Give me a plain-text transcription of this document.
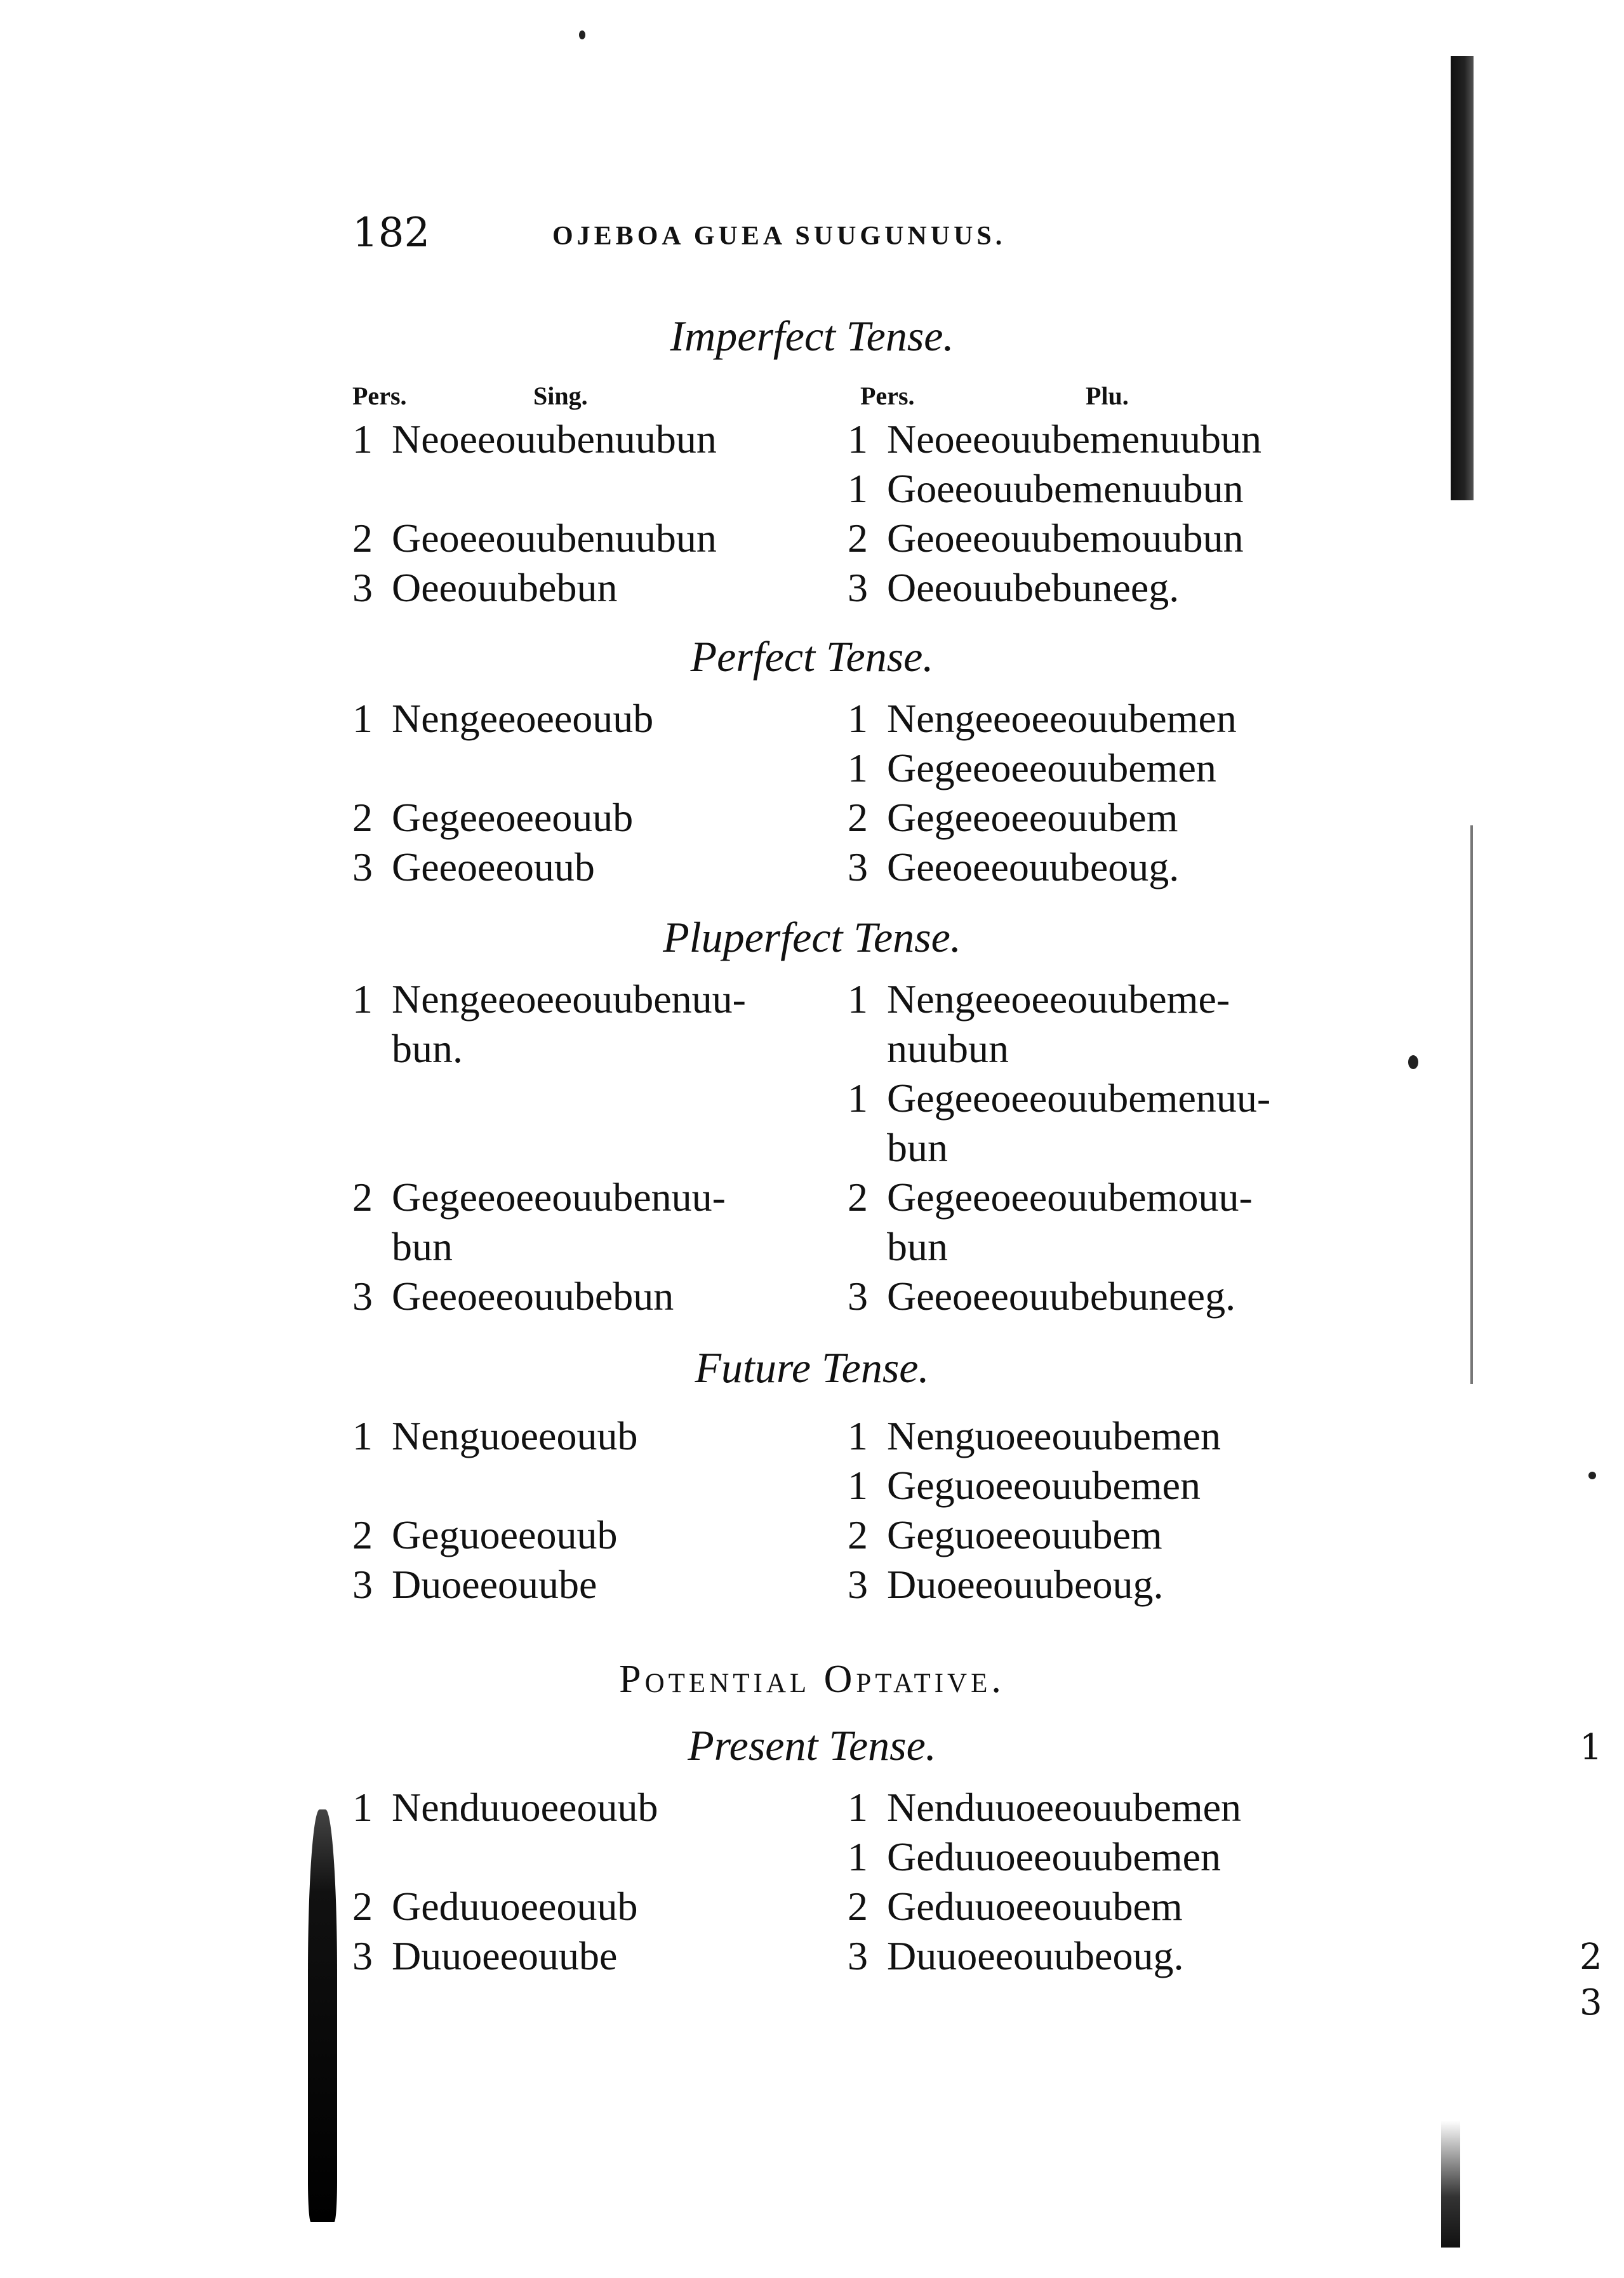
1
2
3
182	OJEBOA GUEA SUUGUNUUS.
Imperfect Tense.
Pers.	Sing.	Pers.	Plu.
1 Neoeeouubenuubun	1 Neoeeouubemenuubun
1 Goeeouubemenuubun
2 Geoeeouubenuubun	2 Geoeeouubemouubun
3 Oeeouubebun	3 Oeeouubebuneeg.
Perfect Tense.
1 Nengeeoeeouub	1 Nengeeoeeouubemen
1 Gegeeoeeouubemen
2 Gegeeoeeouub	2 Gegeeoeeouubem
3 Geeoeeouub	3 Geeoeeouubeoug.
Pluperfect Tense.
1 Nengeeoeeouubenuu-	1 Nengeeoeeouubeme-
bun.	nuubun
1 Gegeeoeeouubemenuu-
bun
2 Gegeeoeeouubenuu-	2 Gegeeoeeouubemouu-
bun	bun
3 Geeoeeouubebun	3 Geeoeeouubebuneeg.
Future Tense.
1 Nenguoeeouub	1 Nenguoeeouubemen
1 Geguoeeouubemen
2 Geguoeeouub	2 Geguoeeouubem
3 Duoeeouube	3 Duoeeouubeoug.
Potential Optative.
Present Tense.
1 Nenduuoeeouub	1 Nenduuoeeouubemen
1 Geduuoeeouubemen
2 Geduuoeeouub	2 Geduuoeeouubem
3 Duuoeeouube	3 Duuoeeouubeoug.
